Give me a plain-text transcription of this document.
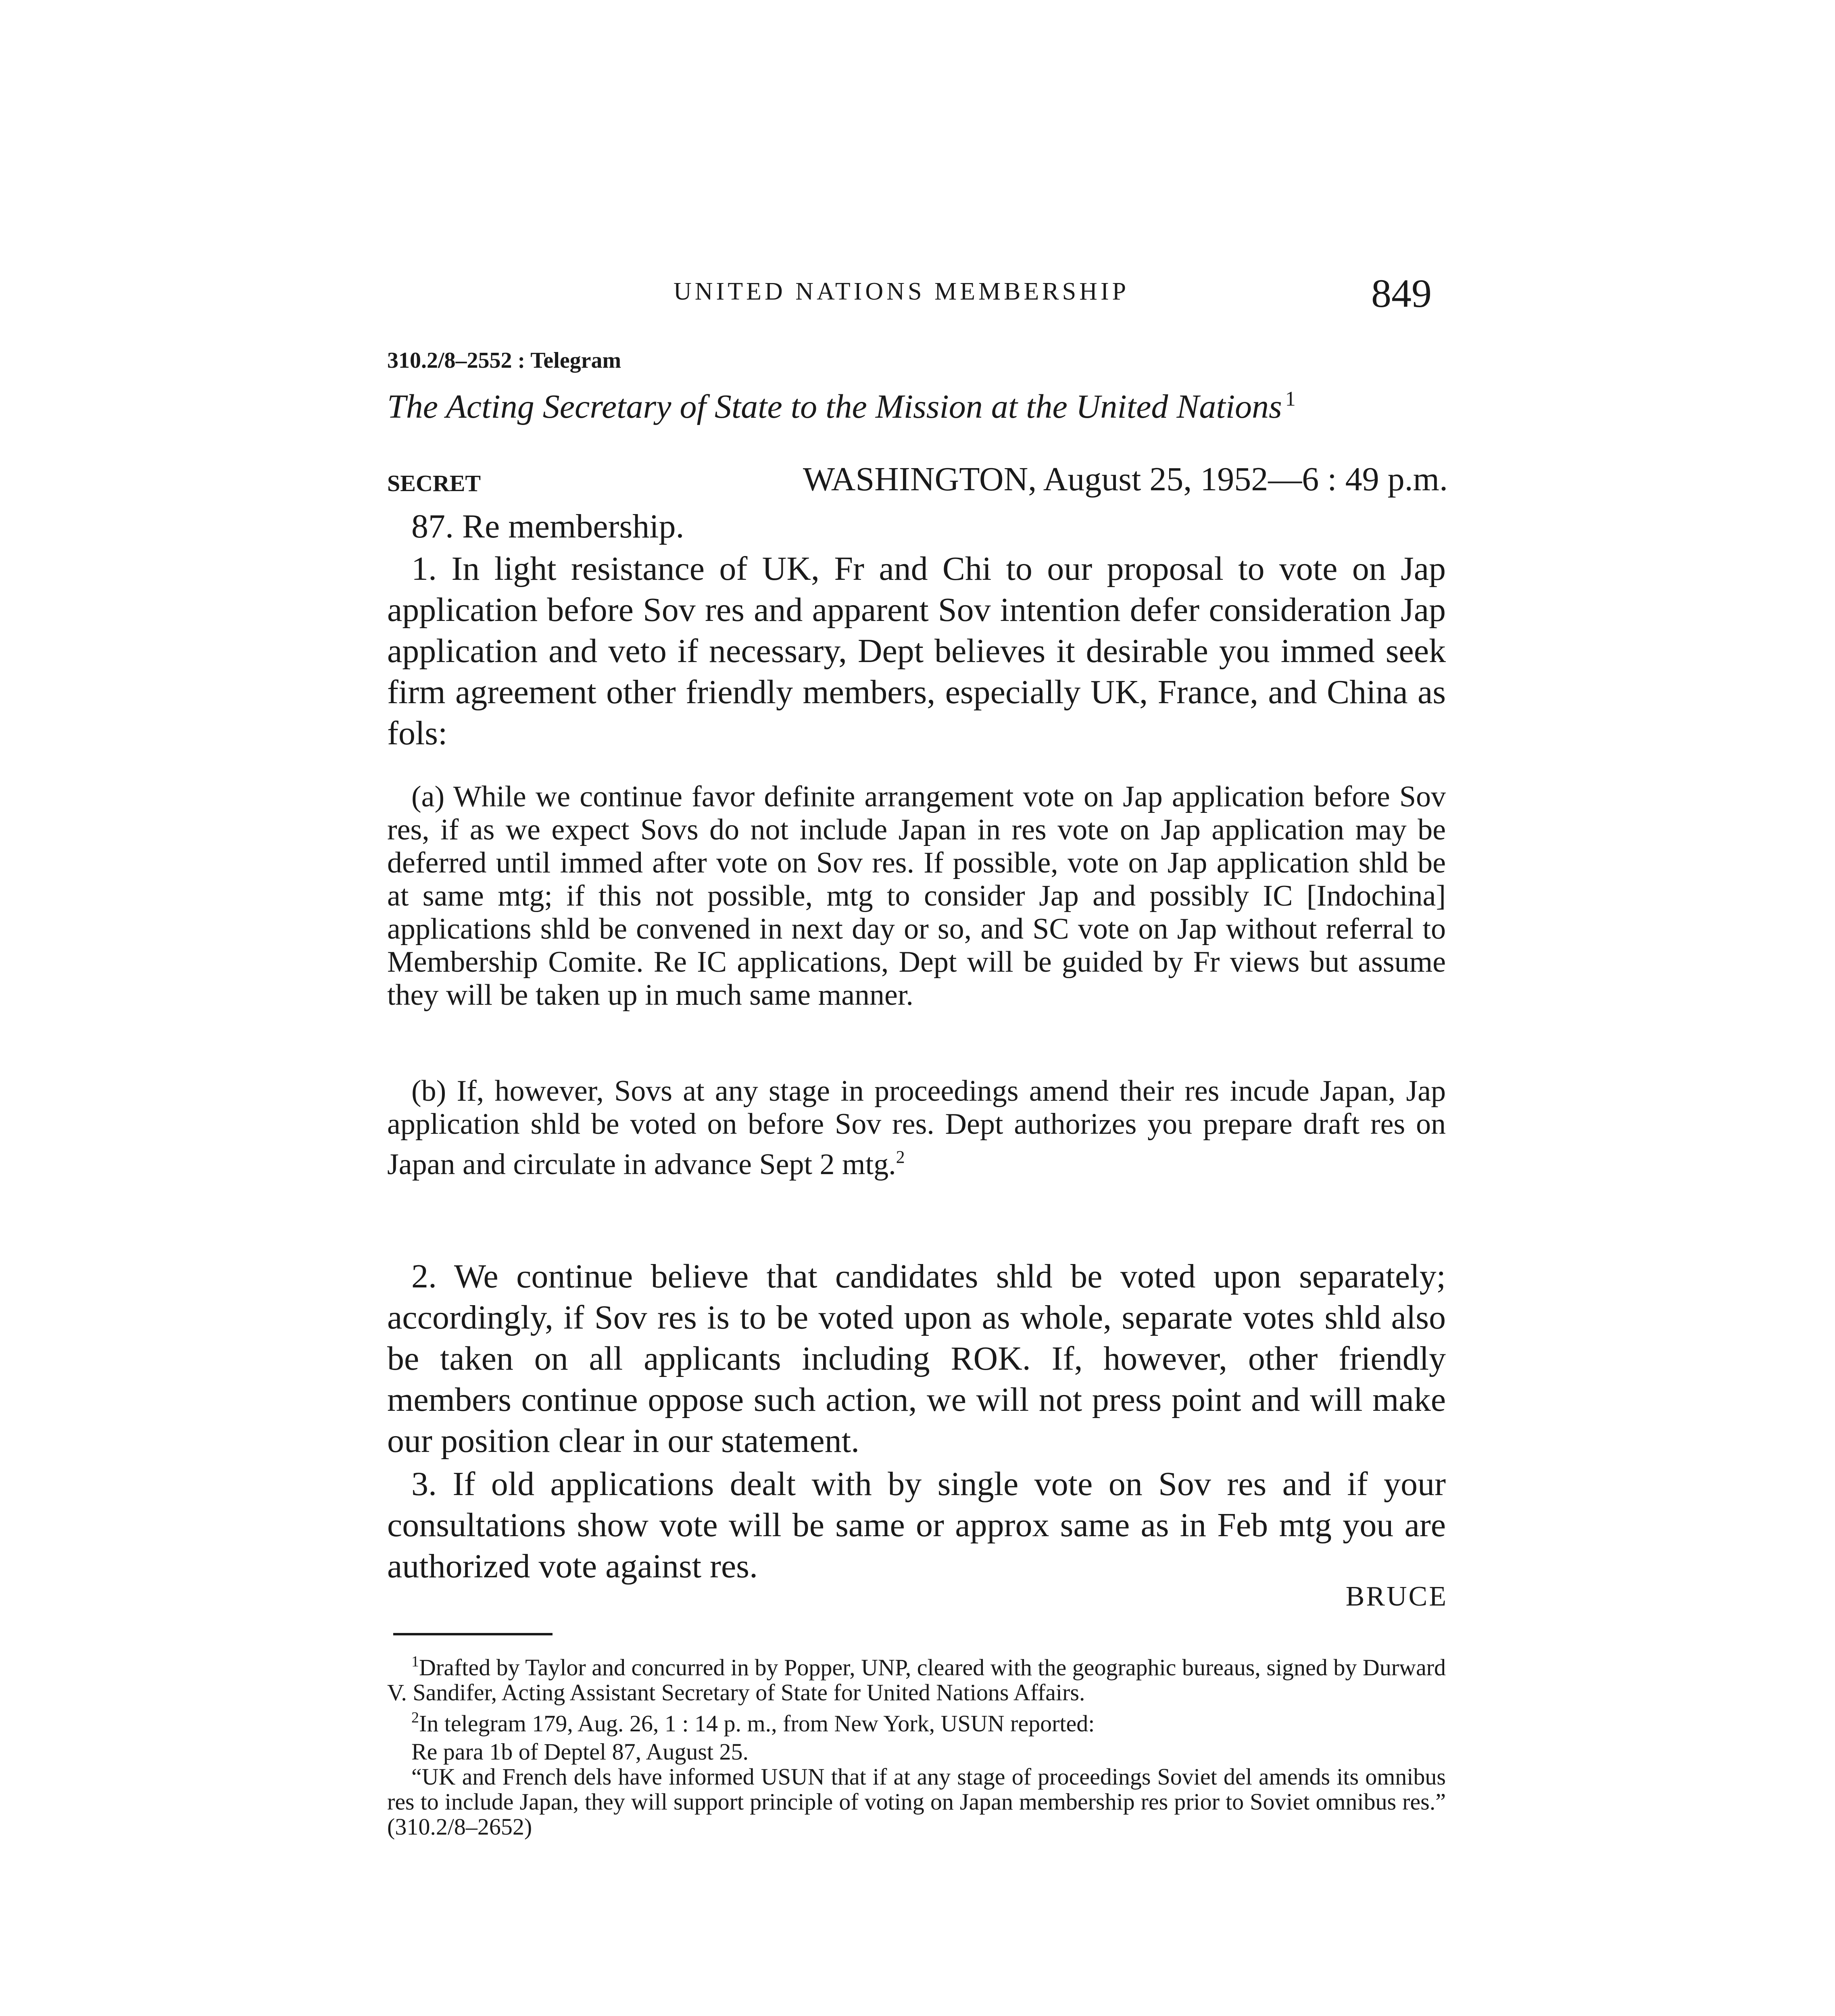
UNITED NATIONS MEMBERSHIP	849
310.2/8–2552 : Telegram
The Acting Secretary of State to the Mission at the United Nations $^1$
SECRET	WASHINGTON, August 25, 1952—6 : 49 p.m.
87. Re membership.
1. In light resistance of UK, Fr and Chi to our proposal to vote on Jap application before Sov res and apparent Sov intention defer consideration Jap application and veto if necessary, Dept believes it desirable you immed seek firm agreement other friendly members, especially UK, France, and China as fols:
(a) While we continue favor definite arrangement vote on Jap application before Sov res, if as we expect Sovs do not include Japan in res vote on Jap application may be deferred until immed after vote on Sov res. If possible, vote on Jap application shld be at same mtg; if this not possible, mtg to consider Jap and possibly IC [Indochina] applications shld be convened in next day or so, and SC vote on Jap without referral to Membership Comite. Re IC applications, Dept will be guided by Fr views but assume they will be taken up in much same manner.
(b) If, however, Sovs at any stage in proceedings amend their res incude Japan, Jap application shld be voted on before Sov res. Dept authorizes you prepare draft res on Japan and circulate in advance Sept 2 mtg.$^2$
2. We continue believe that candidates shld be voted upon separately; accordingly, if Sov res is to be voted upon as whole, separate votes shld also be taken on all applicants including ROK. If, however, other friendly members continue oppose such action, we will not press point and will make our position clear in our statement.
3. If old applications dealt with by single vote on Sov res and if your consultations show vote will be same or approx same as in Feb mtg you are authorized vote against res.
BRUCE

$^1$Drafted by Taylor and concurred in by Popper, UNP, cleared with the geographic bureaus, signed by Durward V. Sandifer, Acting Assistant Secretary of State for United Nations Affairs.

$^2$In telegram 179, Aug. 26, 1 : 14 p. m., from New York, USUN reported:

Re para 1b of Deptel 87, August 25.

“UK and French dels have informed USUN that if at any stage of proceedings Soviet del amends its omnibus res to include Japan, they will support principle of voting on Japan membership res prior to Soviet omnibus res.” (310.2/8–2652)
